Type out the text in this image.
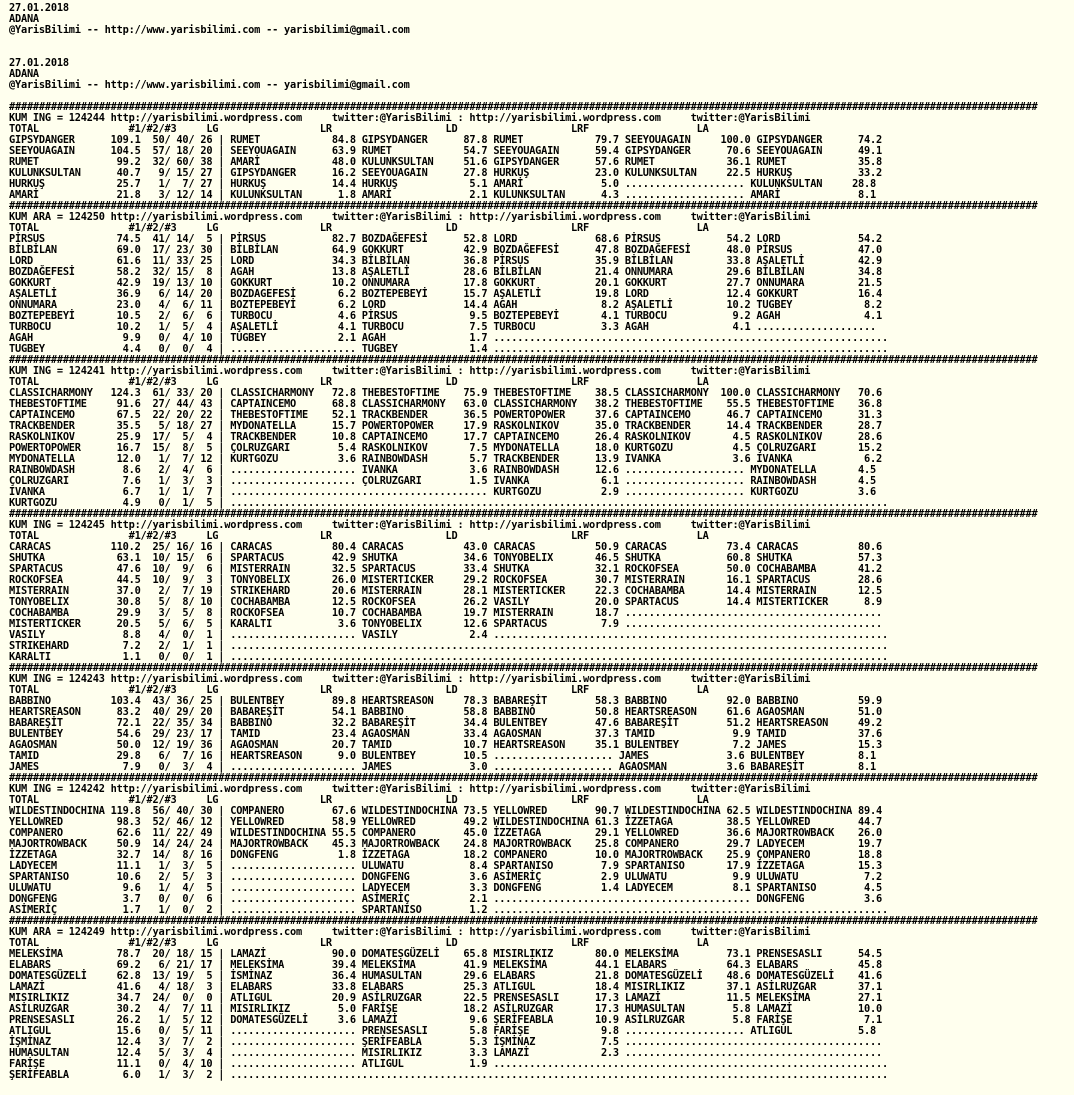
27.01.2018
ADANA
@YarisBilimi -- http://www.yarisbilimi.com -- yarisbilimi@gmail.com

27.01.2018
ADANA
@YarisBilimi -- http://www.yarisbilimi.com -- yarisbilimi@gmail.com

############################################################################################################################################################################
KUM ING = 124244 http://yarisbilimi.wordpress.com     twitter:@YarisBilimi : http://yarisbilimi.wordpress.com     twitter:@YarisBilimi
TOTAL               #1/#2/#3     LG                 LR                   LD                   LRF                  LA
GIPSYDANGER      109.1  50/ 40/ 26 | RUMET            84.8 GIPSYDANGER      87.8 RUMET            79.7 SEEYOUAGAIN     100.0 GIPSYDANGER      74.2
SEEYOUAGAIN      104.5  57/ 18/ 20 | SEEYOUAGAIN      63.9 RUMET            54.7 SEEYOUAGAIN      59.4 GIPSYDANGER      70.6 SEEYOUAGAIN      49.1
RUMET             99.2  32/ 60/ 38 | AMARİ            48.0 KULUNKSULTAN     51.6 GIPSYDANGER      57.6 RUMET            36.1 RUMET            35.8
KULUNKSULTAN      40.7   9/ 15/ 27 | GIPSYDANGER      16.2 SEEYOUAGAIN      27.8 HURKUŞ           23.0 KULUNKSULTAN     22.5 HURKUŞ           33.2
HURKUŞ            25.7   1/  7/ 27 | HURKUŞ           14.4 HURKUŞ            5.1 AMARİ             5.0 .................... KULUNKSULTAN     28.8
AMARİ             21.8   3/ 12/ 14 | KULUNKSULTAN      1.8 AMARİ             2.1 KULUNKSULTAN      4.3 .................... AMARİ             8.1
############################################################################################################################################################################
KUM ARA = 124250 http://yarisbilimi.wordpress.com     twitter:@YarisBilimi : http://yarisbilimi.wordpress.com     twitter:@YarisBilimi
TOTAL               #1/#2/#3     LG                 LR                   LD                   LRF                  LA
PİRSUS            74.5  41/ 14/  5 | PİRSUS           82.7 BOZDAĞEFESİ      52.8 LORD             68.6 PİRSUS           54.2 LORD             54.2
BİLBİLAN          69.0  17/ 23/ 30 | BİLBİLAN         64.9 GOKKURT          42.9 BOZDAĞEFESİ      47.8 BOZDAĞEFESİ      48.0 PİRSUS           47.0
LORD              61.6  11/ 33/ 25 | LORD             34.3 BİLBİLAN         36.8 PİRSUS           35.9 BİLBİLAN         33.8 AŞALETLİ         42.9
BOZDAĞEFESİ       58.2  32/ 15/  8 | AGAH             13.8 AŞALETLİ         28.6 BİLBİLAN         21.4 ONNUMARA         29.6 BİLBİLAN         34.8
GOKKURT           42.9  19/ 13/ 10 | GOKKURT          10.2 ONNUMARA         17.8 GOKKURT          20.1 GOKKURT          27.7 ONNUMARA         21.5
AŞALETLİ          36.9   6/ 14/ 20 | BOZDAGEFESİ       6.2 BOZTEPEBEYİ      15.7 AŞALETLİ         19.8 LORD             12.4 GOKKURT          16.4
ONNUMARA          23.0   4/  6/ 11 | BOZTEPEBEYİ       6.2 LORD             14.4 AGAH              8.2 AŞALETLİ         10.2 TUGBEY            8.2
BOZTEPEBEYİ       10.5   2/  6/  6 | TURBOCU           4.6 PİRSUS            9.5 BOZTEPEBEYİ       4.1 TURBOCU           9.2 AGAH              4.1
TURBOCU           10.2   1/  5/  4 | AŞALETLİ          4.1 TURBOCU           7.5 TURBOCU           3.3 AGAH              4.1 ....................
AGAH               9.9   0/  4/ 10 | TUGBEY            2.1 AGAH              1.7 ..................................................................
TUGBEY             4.4   0/  0/  4 | ..................... TUGBEY            1.4 ..................................................................
############################################################################################################################################################################
KUM ING = 124241 http://yarisbilimi.wordpress.com     twitter:@YarisBilimi : http://yarisbilimi.wordpress.com     twitter:@YarisBilimi
TOTAL               #1/#2/#3     LG                 LR                   LD                   LRF                  LA
CLASSICHARMONY   124.3  61/ 33/ 20 | CLASSICHARMONY   72.8 THEBESTOFTIME    75.9 THEBESTOFTIME    38.5 CLASSICHARMONY  100.0 CLASSICHARMONY   70.6
THEBESTOFTIME     91.6  27/ 44/ 43 | CAPTAINCEMO      68.8 CLASSICHARMONY   63.0 CLASSICHARMONY   38.2 THEBESTOFTIME    55.5 THEBESTOFTIME    36.8
CAPTAINCEMO       67.5  22/ 20/ 22 | THEBESTOFTIME    52.1 TRACKBENDER      36.5 POWERTOPOWER     37.6 CAPTAINCEMO      46.7 CAPTAINCEMO      31.3
TRACKBENDER       35.5   5/ 18/ 27 | MYDONATELLA      15.7 POWERTOPOWER     17.9 RASKOLNIKOV      35.0 TRACKBENDER      14.4 TRACKBENDER      28.7
RASKOLNIKOV       25.9  17/  5/  4 | TRACKBENDER      10.8 CAPTAINCEMO      17.7 CAPTAINCEMO      26.4 RASKOLNIKOV       4.5 RASKOLNIKOV      28.6
POWERTOPOWER      16.7  15/  8/  5 | ÇOLRUZGARI        5.4 RASKOLNIKOV       7.5 MYDONATELLA      18.0 KURTGOZU          4.5 ÇOLRUZGARI       15.2
MYDONATELLA       12.0   1/  7/ 12 | KURTGOZU          3.6 RAINBOWDASH       5.7 TRACKBENDER      13.9 IVANKA            3.6 IVANKA            6.2
RAINBOWDASH        8.6   2/  4/  6 | ..................... IVANKA            3.6 RAINBOWDASH      12.6 .................... MYDONATELLA       4.5
ÇOLRUZGARI         7.6   1/  3/  3 | ..................... ÇOLRUZGARI        1.5 IVANKA            6.1 .................... RAINBOWDASH       4.5
IVANKA             6.7   1/  1/  7 | ........................................... KURTGOZU          2.9 .................... KURTGOZU          3.6
KURTGOZU           4.9   0/  1/  5 | ..............................................................................................................
############################################################################################################################################################################
KUM ING = 124245 http://yarisbilimi.wordpress.com     twitter:@YarisBilimi : http://yarisbilimi.wordpress.com     twitter:@YarisBilimi
TOTAL               #1/#2/#3     LG                 LR                   LD                   LRF                  LA
CARACAS          110.2  25/ 16/ 16 | CARACAS          80.4 CARACAS          43.0 CARACAS          50.9 CARACAS          73.4 CARACAS          80.6
SHUTKA            63.1  10/ 15/  6 | SPARTACUS        42.9 SHUTKA           34.6 TONYOBELIX       46.5 SHUTKA           60.8 SHUTKA           57.3
SPARTACUS         47.6  10/  9/  6 | MISTERRAIN       32.5 SPARTACUS        33.4 SHUTKA           32.1 ROCKOFSEA        50.0 COCHABAMBA       41.2
ROCKOFSEA         44.5  10/  9/  3 | TONYOBELIX       26.0 MISTERTICKER     29.2 ROCKOFSEA        30.7 MISTERRAIN       16.1 SPARTACUS        28.6
MISTERRAIN        37.0   2/  7/ 19 | STRIKEHARD       20.6 MISTERRAIN       28.1 MISTERTICKER     22.3 COCHABAMBA       14.4 MISTERRAIN       12.5
TONYOBELIX        30.8   5/  8/ 10 | COCHABAMBA       12.5 ROCKOFSEA        26.2 VASILY           20.0 SPARTACUS        14.4 MISTERTICKER      8.9
COCHABAMBA        29.9   3/  5/  8 | ROCKOFSEA        10.7 COCHABAMBA       19.7 MISTERRAIN       18.7 ...........................................
MISTERTICKER      20.5   5/  6/  5 | KARALTI           3.6 TONYOBELIX       12.6 SPARTACUS         7.9 ...........................................
VASILY             8.8   4/  0/  1 | ..................... VASILY            2.4 ..................................................................
STRIKEHARD         7.2   2/  1/  1 | ..............................................................................................................
KARALTI            1.1   0/  0/  1 | ..............................................................................................................
############################################################################################################################################################################
KUM ING = 124243 http://yarisbilimi.wordpress.com     twitter:@YarisBilimi : http://yarisbilimi.wordpress.com     twitter:@YarisBilimi
TOTAL               #1/#2/#3     LG                 LR                   LD                   LRF                  LA
BABBINO          103.4  43/ 36/ 25 | BULENTBEY        89.8 HEARTSREASON     78.3 BABAREŞİT        58.3 BABBINO          92.0 BABBINO          59.9
HEARTSREASON      83.2  40/ 29/ 20 | BABAREŞİT        54.1 BABBINO          58.8 BABBINO          50.8 HEARTSREASON     61.6 AGAOSMAN         51.0
BABAREŞİT         72.1  22/ 35/ 34 | BABBINO          32.2 BABAREŞİT        34.4 BULENTBEY        47.6 BABAREŞİT        51.2 HEARTSREASON     49.2
BULENTBEY         54.6  29/ 23/ 17 | TAMID            23.4 AGAOSMAN         33.4 AGAOSMAN         37.3 TAMID             9.9 TAMID            37.6
AGAOSMAN          50.0  12/ 19/ 36 | AGAOSMAN         20.7 TAMID            10.7 HEARTSREASON     35.1 BULENTBEY         7.2 JAMES            15.3
TAMID             29.8   6/  7/ 16 | HEARTSREASON      9.0 BULENTBEY        10.5 .................... JAMES             3.6 BULENTBEY         8.1
JAMES              7.9   0/  3/  4 | ..................... JAMES             3.0 .................... AGAOSMAN          3.6 BABAREŞİT         8.1
############################################################################################################################################################################
KUM ING = 124242 http://yarisbilimi.wordpress.com     twitter:@YarisBilimi : http://yarisbilimi.wordpress.com     twitter:@YarisBilimi
TOTAL               #1/#2/#3     LG                 LR                   LD                   LRF                  LA
WILDESTINDOCHINA 119.8  56/ 40/ 30 | COMPANERO        67.6 WILDESTINDOCHINA 73.5 YELLOWRED        90.7 WILDESTINDOCHINA 62.5 WILDESTINDOCHINA 89.4
YELLOWRED         98.3  52/ 46/ 12 | YELLOWRED        58.9 YELLOWRED        49.2 WILDESTINDOCHINA 61.3 İZZETAGA         38.5 YELLOWRED        44.7
COMPANERO         62.6  11/ 22/ 49 | WILDESTINDOCHINA 55.5 COMPANERO        45.0 İZZETAGA         29.1 YELLOWRED        36.6 MAJORTROWBACK    26.0
MAJORTROWBACK     50.9  14/ 24/ 24 | MAJORTROWBACK    45.3 MAJORTROWBACK    24.8 MAJORTROWBACK    25.8 COMPANERO        29.7 LADYECEM         19.7
İZZETAGA          32.7  14/  8/ 16 | DONGFENG          1.8 İZZETAGA         18.2 COMPANERO        10.0 MAJORTROWBACK    25.9 ÇOMPANERO        18.8
LADYECEM          11.1   1/  3/  5 | ..................... ULUWATU           8.4 SPARTANISO        7.9 SPARTANISO       17.9 İZZETAGA         15.3
SPARTANISO        10.6   2/  5/  3 | ..................... DONGFENG          3.6 ASİMERİÇ          2.9 ULUWATU           9.9 ULUWATU           7.2
ULUWATU            9.6   1/  4/  5 | ..................... LADYECEM          3.3 DONGFENG          1.4 LADYECEM          8.1 SPARTANISO        4.5
DONGFENG           3.7   0/  0/  6 | ..................... ASİMERİÇ          2.1 ........................................... DONGFENG          3.6
ASİMERİÇ           1.7   1/  0/  2 | ..................... SPARTANISO        1.2 ..................................................................
############################################################################################################################################################################
KUM ARA = 124249 http://yarisbilimi.wordpress.com     twitter:@YarisBilimi : http://yarisbilimi.wordpress.com     twitter:@YarisBilimi
TOTAL               #1/#2/#3     LG                 LR                   LD                   LRF                  LA
MELEKSİMA         78.7  20/ 18/ 15 | LAMAZİ           90.0 DOMATESGÜZELİ    65.8 MISIRLIKIZ       80.0 MELEKSİMA        73.1 PRENSESASLI      54.5
ELABARS           69.2   6/ 21/ 17 | MELEKSİMA        39.4 MELEKSİMA        41.9 MELEKSİMA        44.1 ELABARS          64.3 ELABARS          45.8
DOMATESGÜZELİ     62.8  13/ 19/  5 | İSMİNAZ          36.4 HUMASULTAN       29.6 ELABARS          21.8 DOMATESGÜZELİ    48.6 DOMATESGÜZELİ    41.6
LAMAZİ            41.6   4/ 18/  3 | ELABARS          33.8 ELABARS          25.3 ATLIGUL          18.4 MISIRLIKIZ       37.1 ASİLRUZGAR       37.1
MISIRLIKIZ        34.7  24/  0/  0 | ATLIGUL          20.9 ASİLRUZGAR       22.5 PRENSESASLI      17.3 LAMAZİ           11.5 MELEKSİMA        27.1
ASİLRUZGAR        30.2   4/  7/ 11 | MISIRLIKIZ        5.0 FARİŞE           18.2 ASİLRUZGAR       17.3 HUMASULTAN        5.8 LAMAZİ           10.0
PRENSESASLI       26.2   1/  5/ 12 | DOMATESGÜZELİ     3.6 LAMAZİ            9.6 ŞERİFEABLA       10.9 ASİLRUZGAR        5.8 FARİŞE            7.1
ATLIGUL           15.6   0/  5/ 11 | ..................... PRENSESASLI       5.8 FARİŞE            9.8 .................... ATLIGUL           5.8
İŞMİNAZ           12.4   3/  7/  2 | ..................... ŞERİFEABLA        5.3 İŞMİNAZ           7.5 ...........................................
HUMASULTAN        12.4   5/  3/  4 | ..................... MISIRLIKIZ        3.3 LAMAZİ            2.3 ...........................................
FARİŞE            11.1   0/  4/ 10 | ..................... ATLIGUL           1.9 ..................................................................
ŞERİFEABLA         6.0   1/  3/  2 | ..............................................................................................................
